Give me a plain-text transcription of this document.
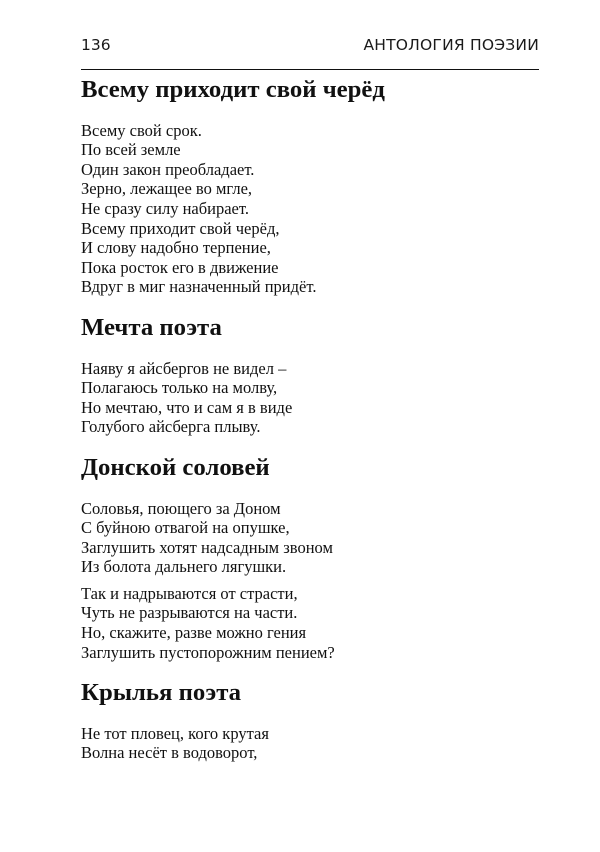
136	АНТОЛОГИЯ ПОЭЗИИ
Всему приходит свой черёд
Всему свой срок.
По всей земле
Один закон преобладает.
Зерно, лежащее во мгле,
Не сразу силу набирает.
Всему приходит свой черёд,
И слову надобно терпение,
Пока росток его в движение
Вдруг в миг назначенный придёт.
Мечта поэта
Наяву я айсбергов не видел –
Полагаюсь только на молву,
Но мечтаю, что и сам я в виде
Голубого айсберга плыву.
Донской соловей
Соловья, поющего за Доном
С буйною отвагой на опушке,
Заглушить хотят надсадным звоном
Из болота дальнего лягушки.
Так и надрываются от страсти,
Чуть не разрываются на части.
Но, скажите, разве можно гения
Заглушить пустопорожним пением?
Крылья поэта
Не тот пловец, кого крутая
Волна несёт в водоворот,
